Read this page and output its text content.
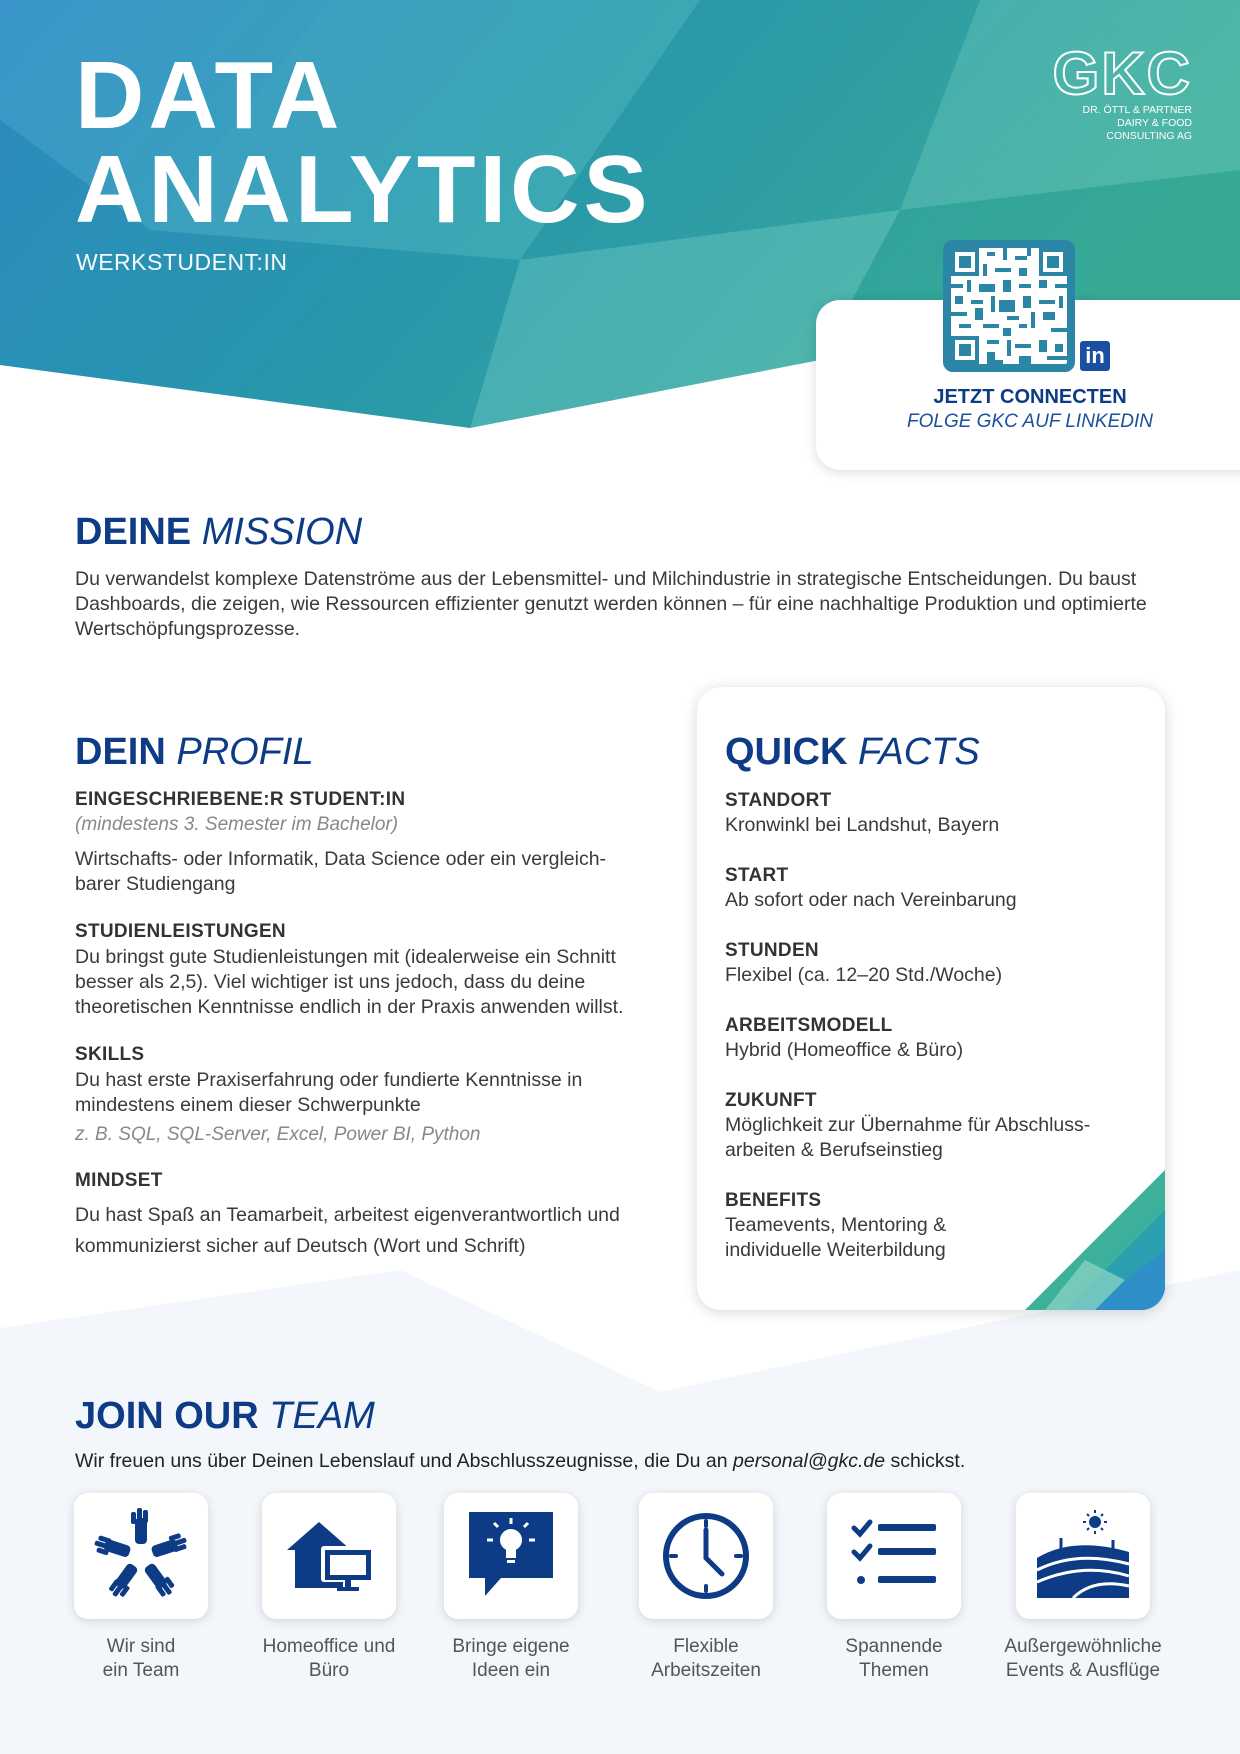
DATA
ANALYTICS
WERKSTUDENT:IN
GKC
DR. ÖTTL & PARTNER
DAIRY & FOOD
CONSULTING AG
in
JETZT CONNECTEN
FOLGE GKC AUF LINKEDIN
DEINE MISSION

Du verwandelst komplexe Datenströme aus der Lebensmittel- und Milchindustrie in strategische Entscheidungen. Du baust Dashboards, die zeigen, wie Ressourcen effizienter genutzt werden können – für eine nachhaltige Produktion und optimierte Wertschöpfungsprozesse.

DEIN PROFIL
EINGESCHRIEBENE:R STUDENT:IN
(mindestens 3. Semester im Bachelor)
Wirtschafts- oder Informatik, Data Science oder ein vergleich-barer Studiengang
STUDIENLEISTUNGEN
Du bringst gute Studienleistungen mit (idealerweise ein Schnitt besser als 2,5). Viel wichtiger ist uns jedoch, dass du deine theoretischen Kenntnisse endlich in der Praxis anwenden willst.
SKILLS
Du hast erste Praxiserfahrung oder fundierte Kenntnisse in mindestens einem dieser Schwerpunkte
z. B. SQL, SQL-Server, Excel, Power BI, Python
MINDSET
Du hast Spaß an Teamarbeit, arbeitest eigenverantwortlich und kommunizierst sicher auf Deutsch (Wort und Schrift)
QUICK FACTS
STANDORT
Kronwinkl bei Landshut, Bayern
START
Ab sofort oder nach Vereinbarung
STUNDEN
Flexibel (ca. 12–20 Std./Woche)
ARBEITSMODELL
Hybrid (Homeoffice & Büro)
ZUKUNFT
Möglichkeit zur Übernahme für Abschluss-arbeiten & Berufseinstieg
BENEFITS
Teamevents, Mentoring & individuelle Weiterbildung
JOIN OUR TEAM

Wir freuen uns über Deinen Lebenslauf und Abschlusszeugnisse, die Du an personal@gkc.de schickst.

Wir sind
ein Team
Homeoffice und
Büro
Bringe eigene
Ideen ein
Flexible
Arbeitszeiten
Spannende
Themen
Außergewöhnliche
Events & Ausflüge
